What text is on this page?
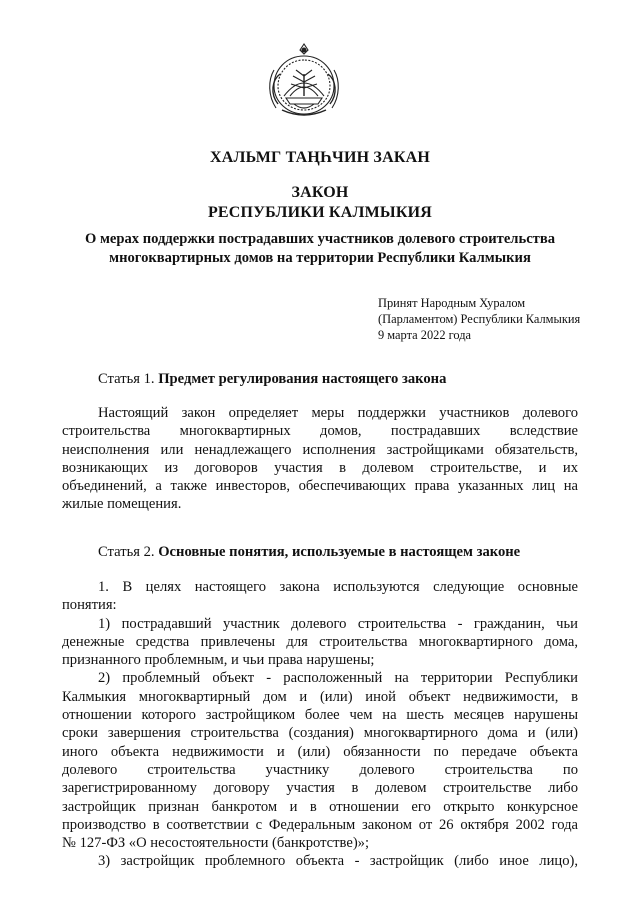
ХАЛЬМГ ТАҢҺЧИН ЗАКАН
ЗАКОН
РЕСПУБЛИКИ КАЛМЫКИЯ
О мерах поддержки пострадавших участников долевого строительства
многоквартирных домов на территории Республики Калмыкия
Принят Народным Хуралом
(Парламентом) Республики Калмыкия
9 марта 2022 года
Статья 1. Предмет регулирования настоящего закона
Настоящий закон определяет меры поддержки участников долевого
строительства многоквартирных домов, пострадавших вследствие
неисполнения или ненадлежащего исполнения застройщиками обязательств,
возникающих из договоров участия в долевом строительстве, и их
объединений, а также инвесторов, обеспечивающих права указанных лиц на
жилые помещения.
Статья 2. Основные понятия, используемые в настоящем законе
1. В целях настоящего закона используются следующие основные
понятия:
1) пострадавший участник долевого строительства - гражданин, чьи
денежные средства привлечены для строительства многоквартирного дома,
признанного проблемным, и чьи права нарушены;
2) проблемный объект - расположенный на территории Республики
Калмыкия многоквартирный дом и (или) иной объект недвижимости, в
отношении которого застройщиком более чем на шесть месяцев нарушены
сроки завершения строительства (создания) многоквартирного дома и (или)
иного объекта недвижимости и (или) обязанности по передаче объекта
долевого строительства участнику долевого строительства по
зарегистрированному договору участия в долевом строительстве либо
застройщик признан банкротом и в отношении его открыто конкурсное
производство в соответствии с Федеральным законом от 26 октября 2002 года
№ 127-ФЗ «О несостоятельности (банкротстве)»;
3) застройщик проблемного объекта - застройщик (либо иное лицо),
